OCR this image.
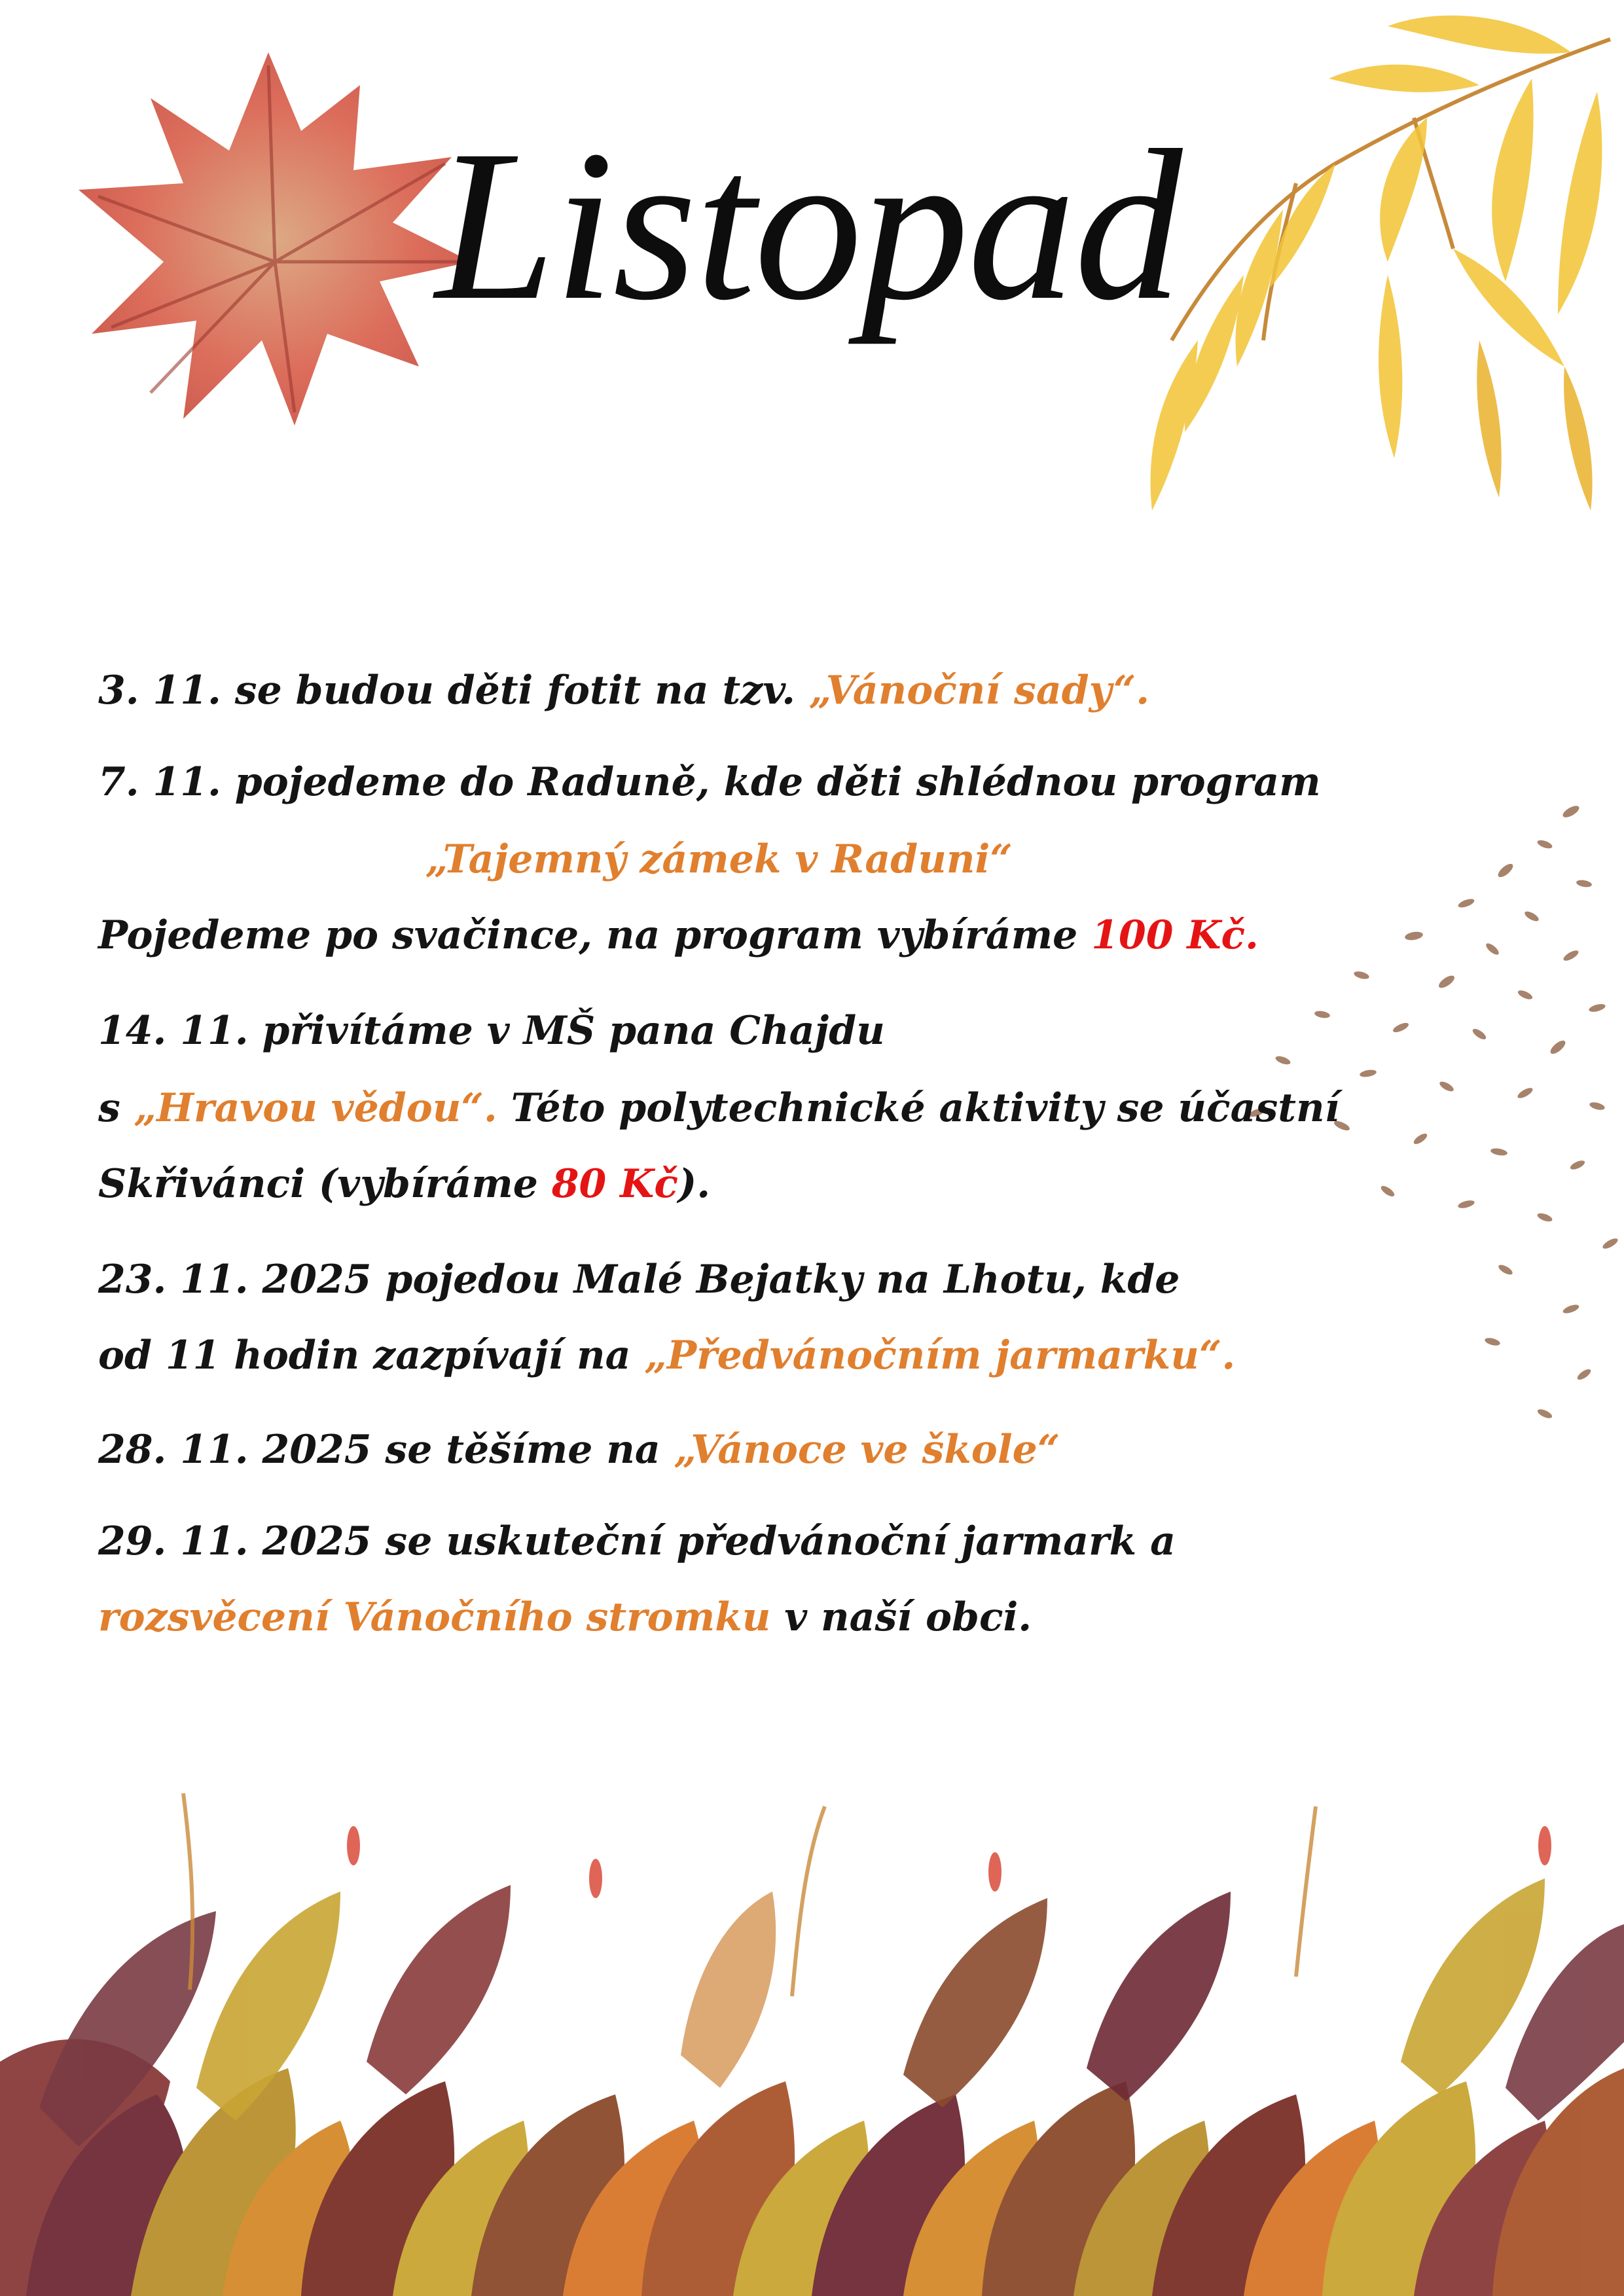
Listopad
3. 11. se budou děti fotit na tzv. „Vánoční sady“.
7. 11. pojedeme do Raduně, kde děti shlédnou program
„Tajemný zámek v Raduni“
Pojedeme po svačince, na program vybíráme 100 Kč.
14. 11. přivítáme v MŠ pana Chajdu
s „Hravou vědou“. Této polytechnické aktivity se účastní
Skřivánci (vybíráme 80 Kč).
23. 11. 2025 pojedou Malé Bejatky na Lhotu, kde
od 11 hodin zazpívají na „Předvánočním jarmarku“.
28. 11. 2025 se těšíme na „Vánoce ve škole“
29. 11. 2025 se uskuteční předvánoční jarmark a
rozsvěcení Vánočního stromku v naší obci.
